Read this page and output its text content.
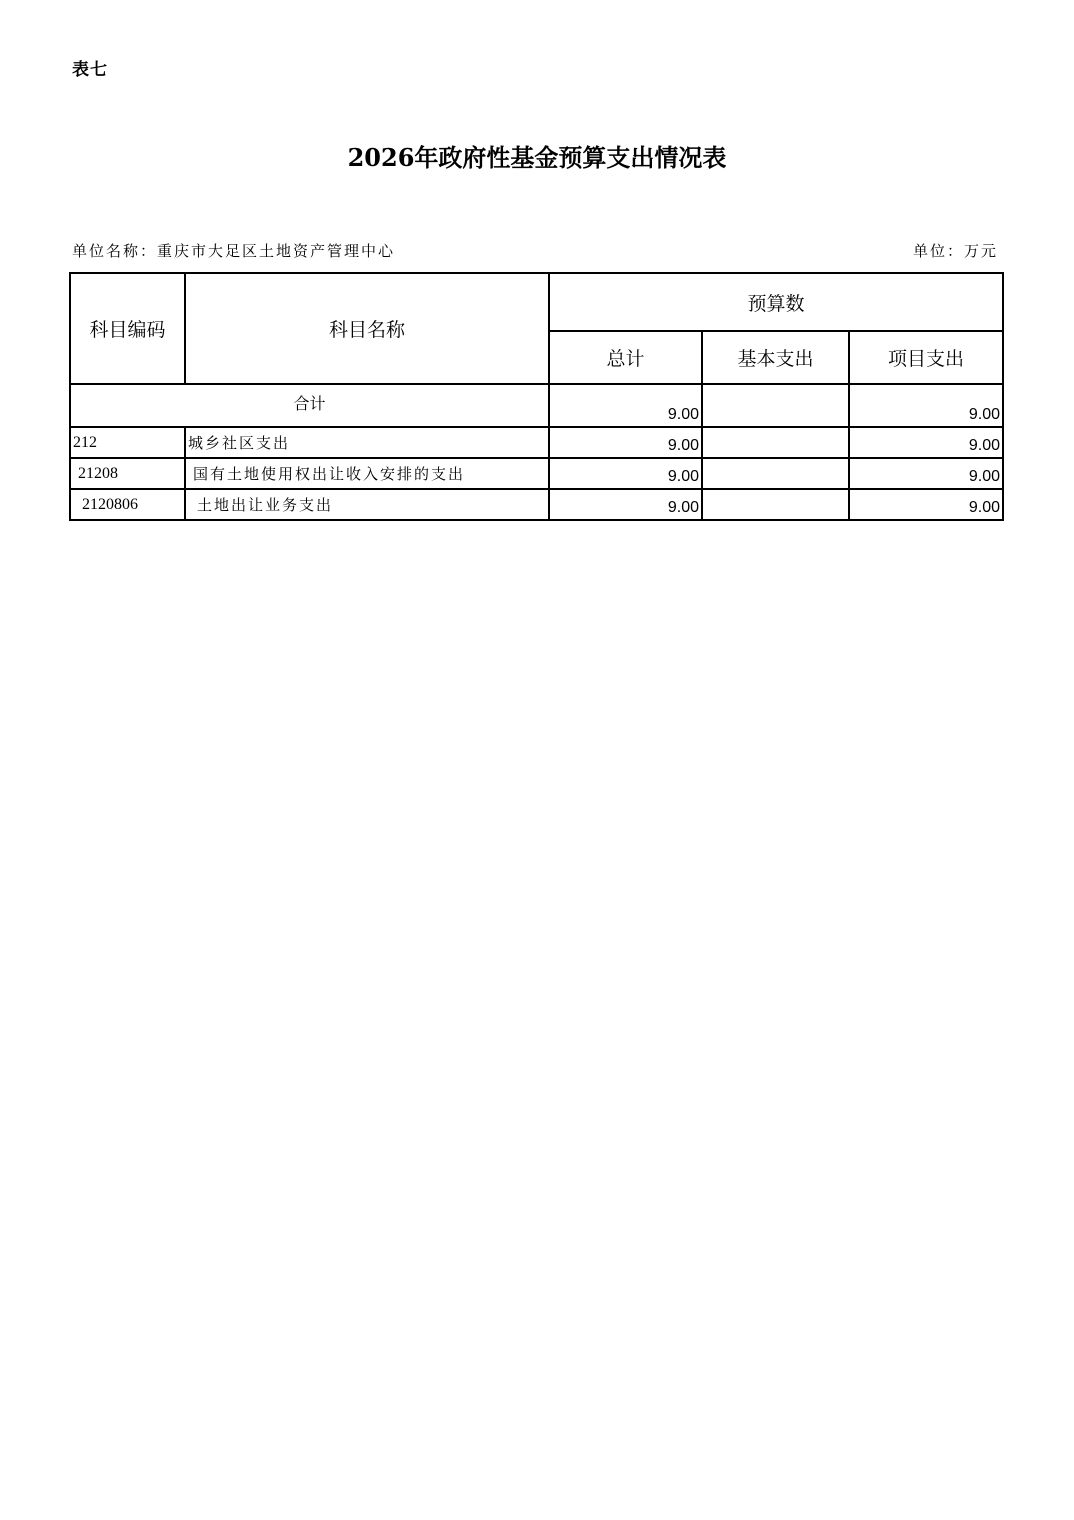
表七
2026年政府性基金预算支出情况表
单位名称：重庆市大足区土地资产管理中心	单位：万元
科目编码	科目名称	预算数		
		总计	基本支出	项目支出
合计		9.00		9.00
212	城乡社区支出	9.00		9.00
21208	国有土地使用权出让收入安排的支出	9.00		9.00
2120806	土地出让业务支出	9.00		9.00
